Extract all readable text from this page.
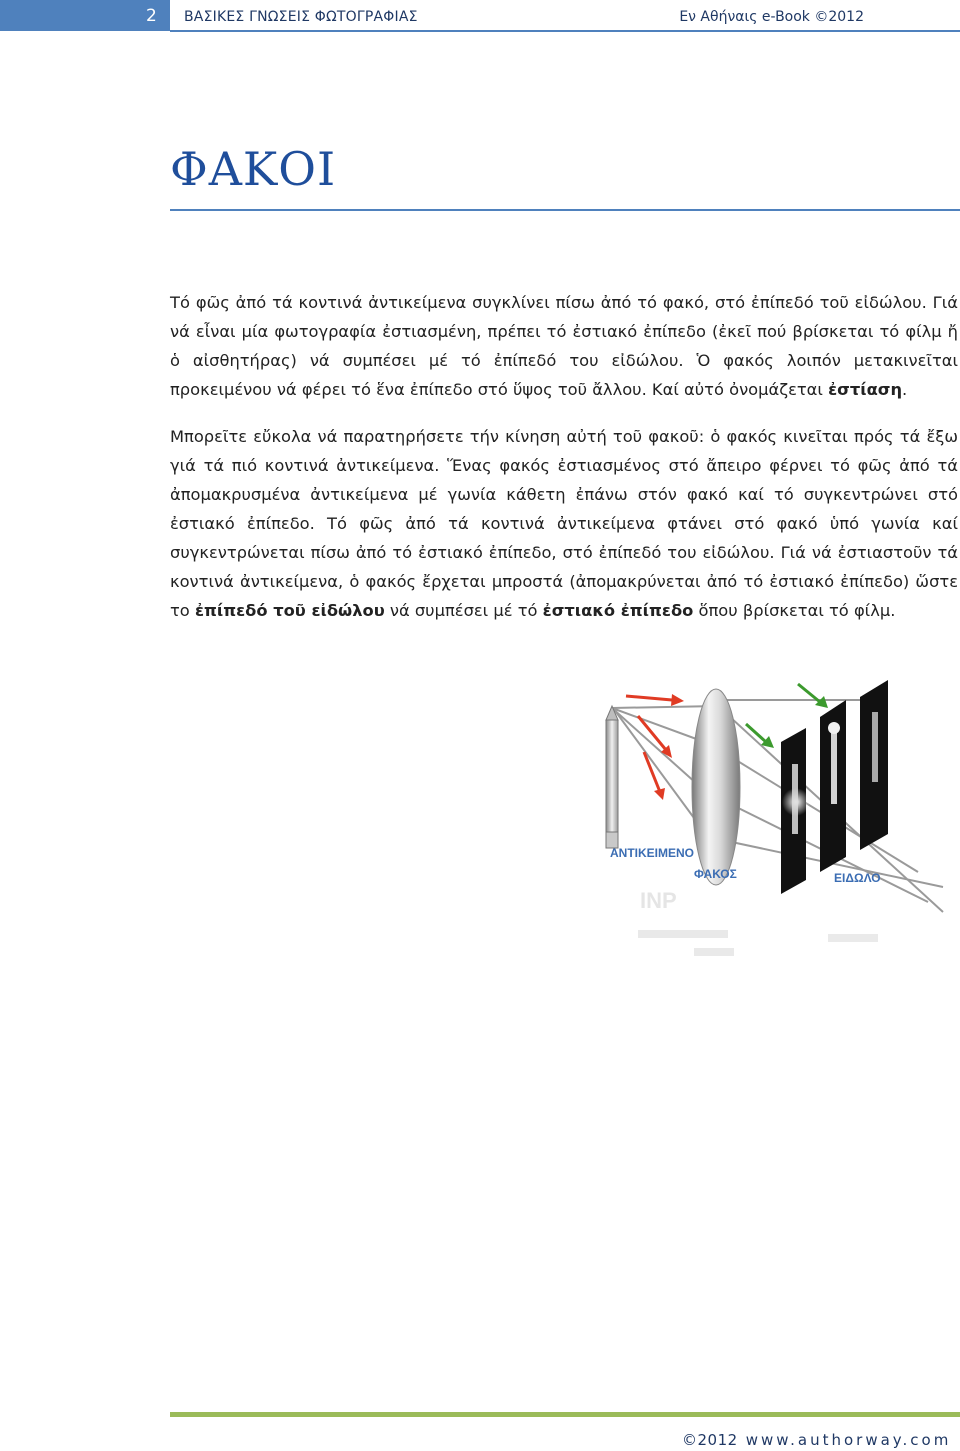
2 ΒΑΣΙΚΕΣ ΓΝΩΣΕΙΣ ΦΩΤΟΓΡΑΦΙΑΣ	Εν Αθήναις e-Book ©2012
ΦΑΚΟΙ
Τό φῶς ἀπό τά κοντινά ἀντικείμενα συγκλίνει πίσω ἀπό τό φακό, στό ἐπίπεδό τοῦ εἰδώλου. Γιά νά εἶναι μία φωτογραφία ἐστιασμένη, πρέπει τό ἐστιακό ἐπίπεδο (ἐκεῖ πού βρίσκεται τό φίλμ ἤ ὁ αἰσθητήρας) νά συμπέσει μέ τό ἐπίπεδό του εἰδώλου. Ὁ φακός λοιπόν μετακινεῖται προκειμένου νά φέρει τό ἕνα ἐπίπεδο στό ὕψος τοῦ ἄλλου. Καί αὐτό ὀνομάζεται ἐστίαση.
Μπορεῖτε εὔκολα νά παρατηρήσετε τήν κίνηση αὐτή τοῦ φακοῦ: ὁ φακός κινεῖται πρός τά ἔξω γιά τά πιό κοντινά ἀντικείμενα. Ἕνας φακός ἐστιασμένος στό ἄπειρο φέρνει τό φῶς ἀπό τά ἀπομακρυσμένα ἀντικείμενα μέ γωνία κάθετη ἐπάνω στόν φακό καί τό συγκεντρώνει στό ἐστιακό ἐπίπεδο. Τό φῶς ἀπό τά κοντινά ἀντικείμενα φτάνει στό φακό ὑπό γωνία καί συγκεντρώνεται πίσω ἀπό τό ἐστιακό ἐπίπεδο, στό ἐπίπεδό του εἰδώλου. Γιά νά ἐστιαστοῦν τά κοντινά ἀντικείμενα, ὁ φακός ἔρχεται μπροστά (ἀπομακρύνεται ἀπό τό ἐστιακό ἐπίπεδο) ὥστε το ἐπίπεδό τοῦ εἰδώλου νά συμπέσει μέ τό ἐστιακό ἐπίπεδο ὅπου βρίσκεται τό φίλμ.
ΑΝΤΙΚΕΙΜΕΝΟ
ΦΑΚΟΣ	ΕΙΔΩΛΟ
INP
©2012 www.authorway.com
